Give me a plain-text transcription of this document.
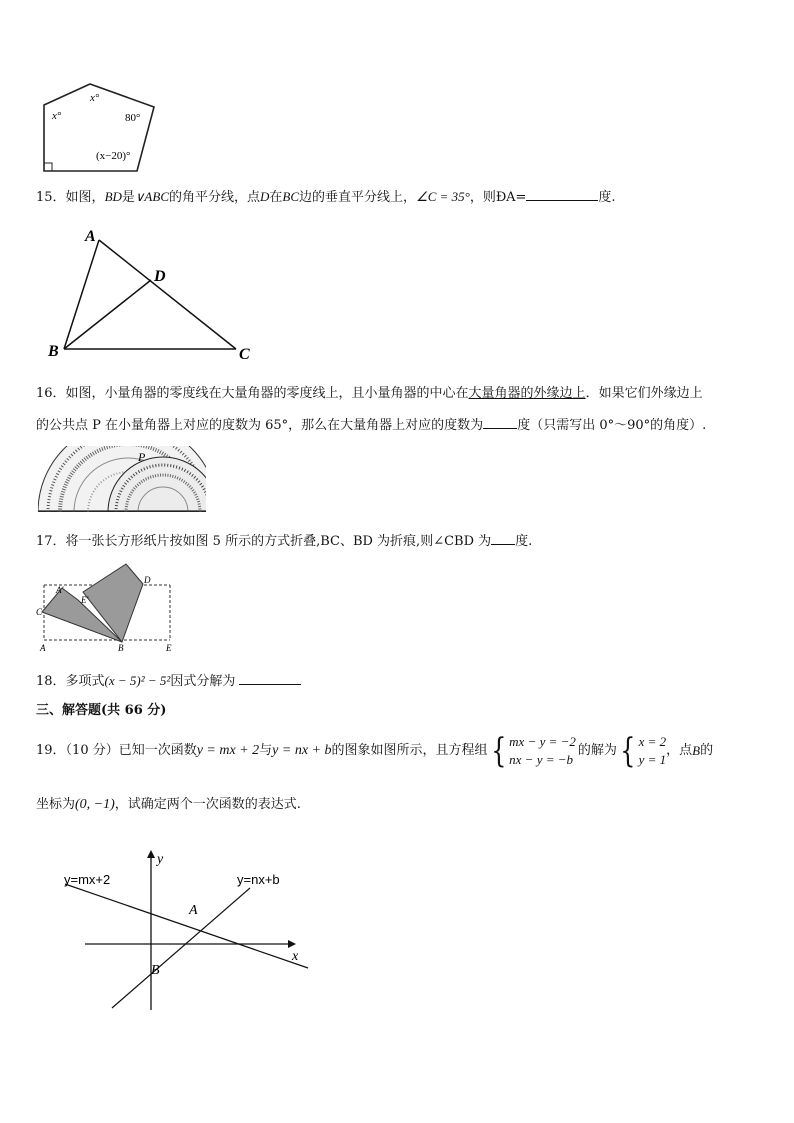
x°
x°	80°
(x−20)°
15．如图，BD是∨ABC的角平分线，点D在BC边的垂直平分线上，∠C = 35°，则ÐA=	度.
A
D
B	C
16．如图，小量角器的零度线在大量角器的零度线上，且小量角器的中心在大量角器的外缘边上．如果它们外缘边上
的公共点 P 在小量角器上对应的度数为 65°，那么在大量角器上对应的度数为	度（只需写出 0°～90°的角度）.
P
17．将一张长方形纸片按如图 5 所示的方式折叠,BC、BD 为折痕,则∠CBD 为 度.
A′
E′
C
D
A	B	E
18．多项式(x − 5)² − 5²因式分解为
三、解答题(共 66 分)
19．（10 分）已知一次函数 y = mx + 2 与 y = nx + b 的图象如图所示，且方程组 { mx − y = −2
nx − y = −b
的解为 { x = 2
y = 1
，点 B 的
坐标为(0, −1)，试确定两个一次函数的表达式.
y
x
y=mx+2	y=nx+b
A
B
